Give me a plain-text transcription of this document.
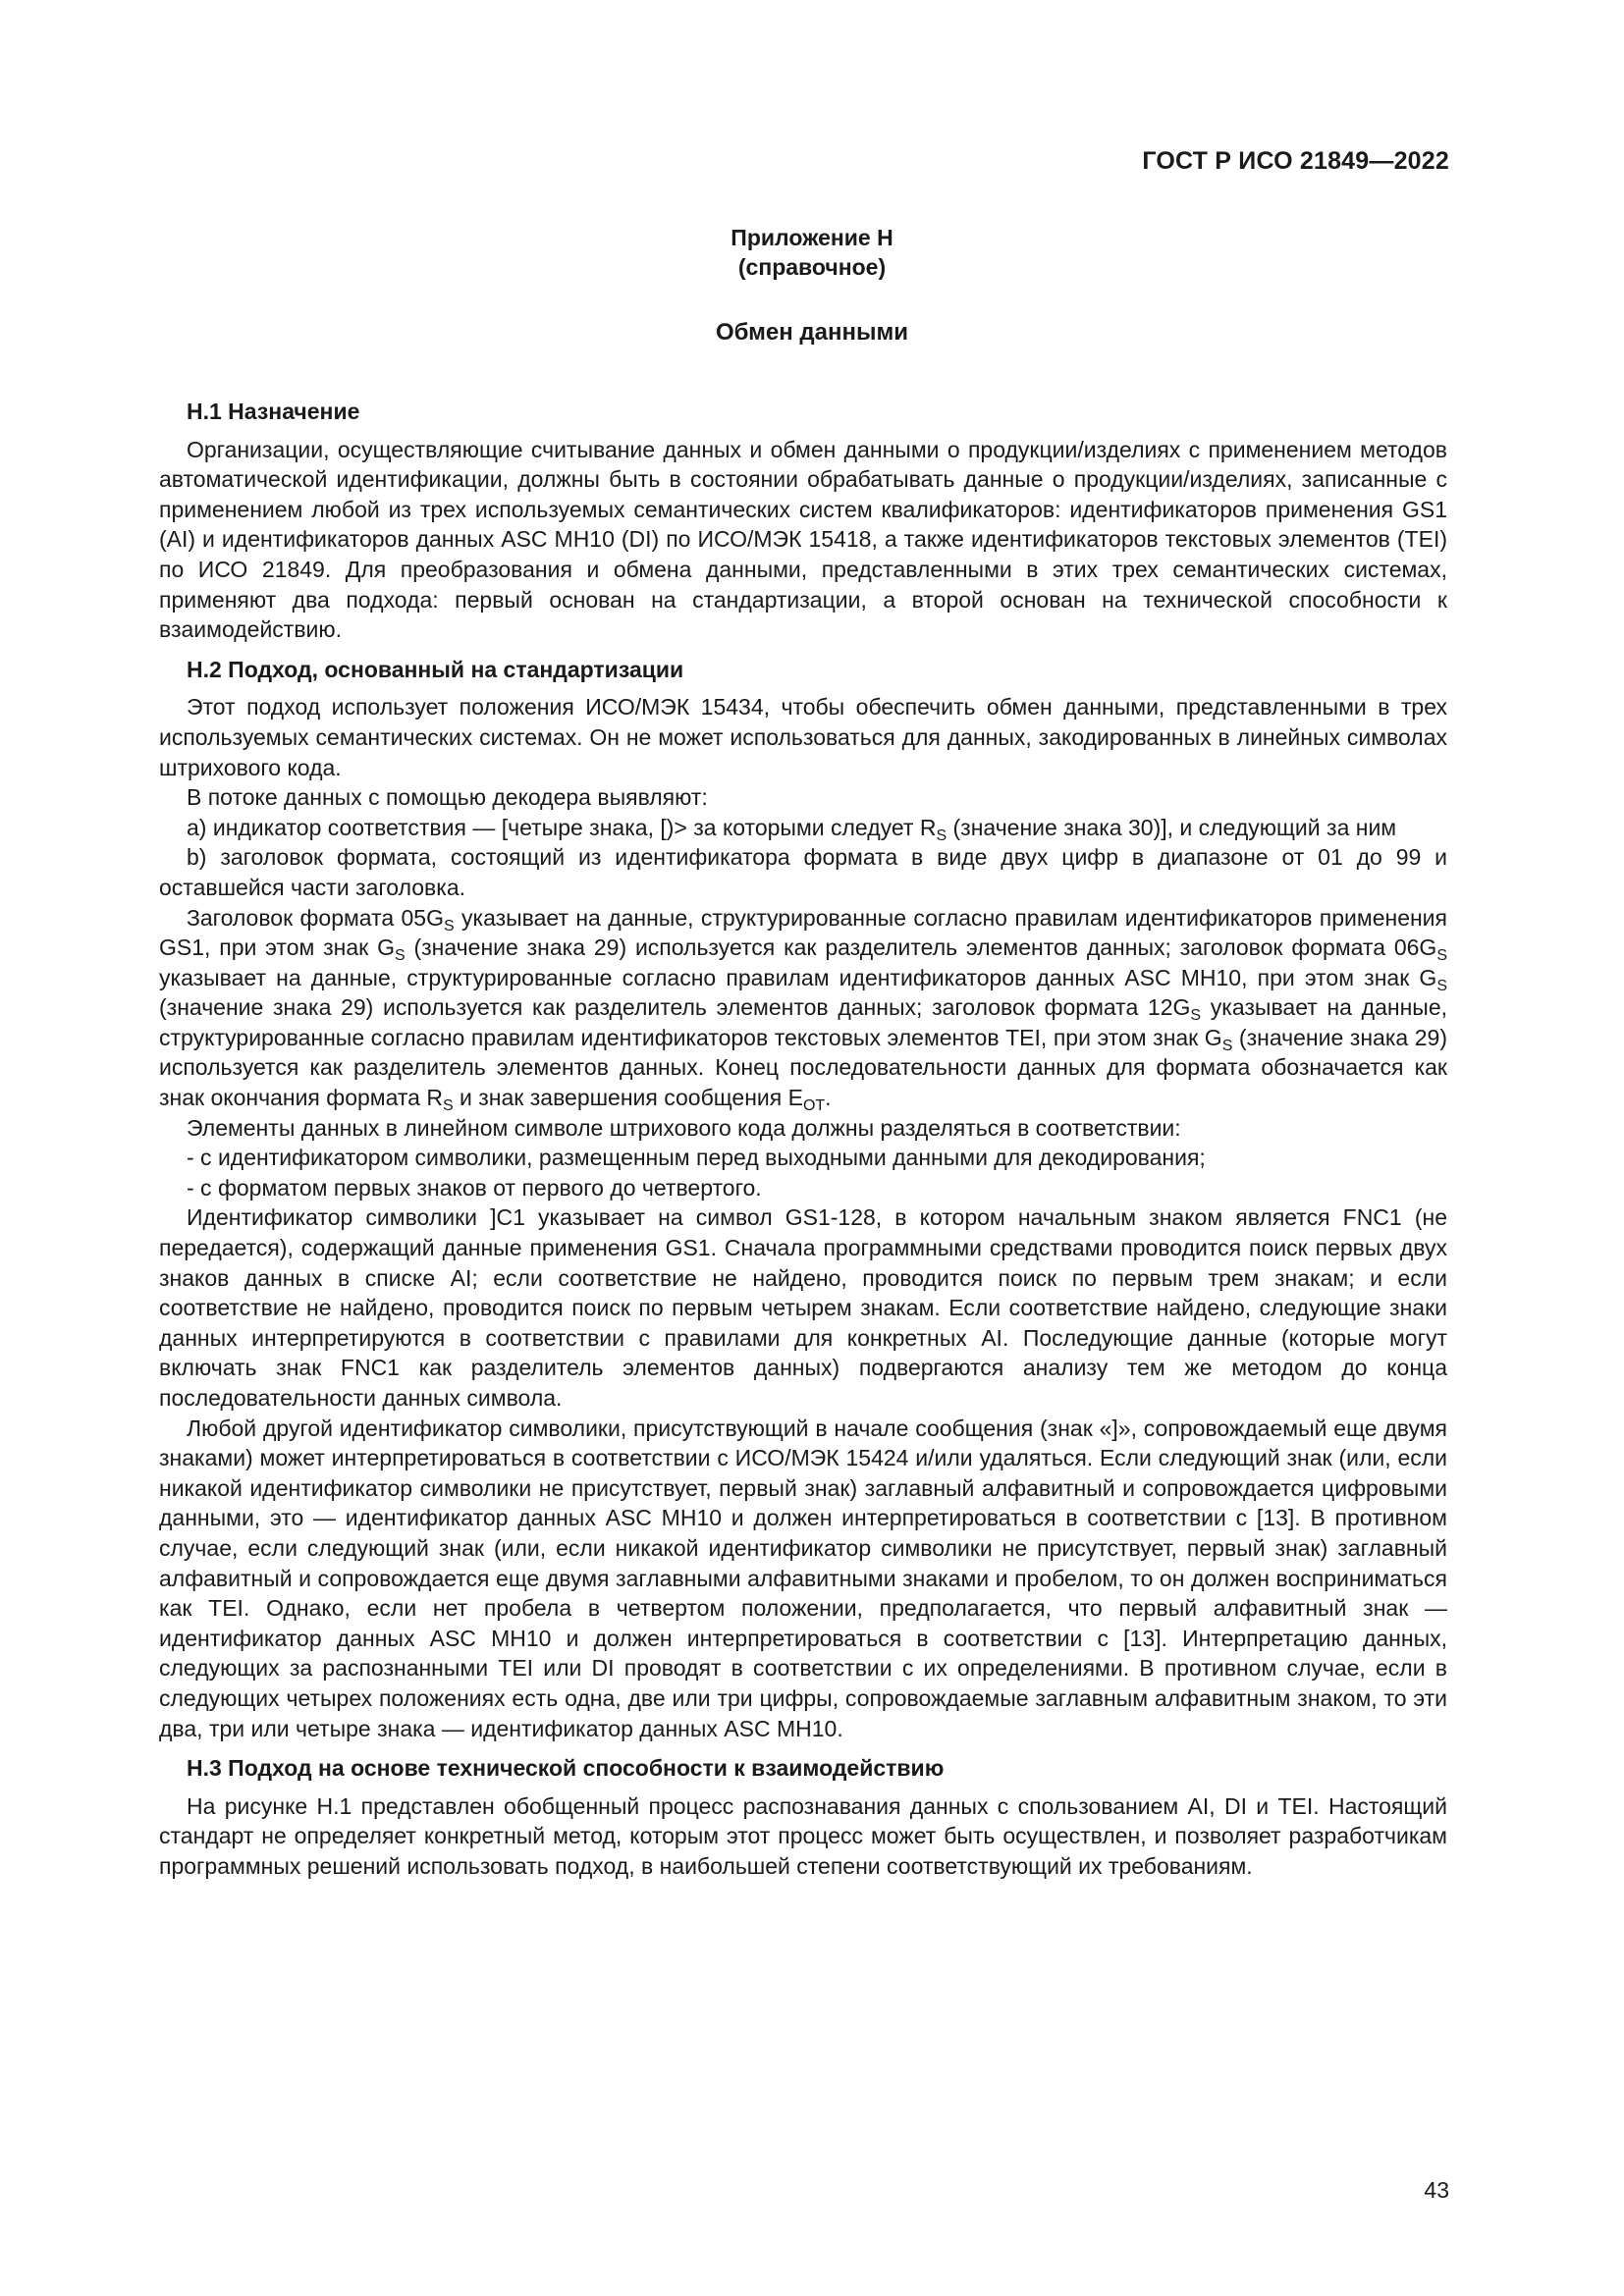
ГОСТ Р ИСО 21849—2022
Приложение Н
(справочное)
Обмен данными
Н.1 Назначение

Организации, осуществляющие считывание данных и обмен данными о продукции/изделиях с применением методов автоматической идентификации, должны быть в состоянии обрабатывать данные о продукции/изделиях, записанные с применением любой из трех используемых семантических систем квалификаторов: идентификаторов применения GS1 (AI) и идентификаторов данных ASC MH10 (DI) по ИСО/МЭК 15418, а также идентификаторов текстовых элементов (TEI) по ИСО 21849. Для преобразования и обмена данными, представленными в этих трех семантических системах, применяют два подхода: первый основан на стандартизации, а второй основан на технической способности к взаимодействию.

Н.2 Подход, основанный на стандартизации

Этот подход использует положения ИСО/МЭК 15434, чтобы обеспечить обмен данными, представленными в трех используемых семантических системах. Он не может использоваться для данных, закодированных в линейных символах штрихового кода.

В потоке данных с помощью декодера выявляют:

a) индикатор соответствия — [четыре знака, [)> за которыми следует $R_S$ (значение знака 30)], и следующий за ним

b) заголовок формата, состоящий из идентификатора формата в виде двух цифр в диапазоне от 01 до 99 и оставшейся части заголовка.

Заголовок формата $05G_S$ указывает на данные, структурированные согласно правилам идентификаторов применения GS1, при этом знак $G_S$ (значение знака 29) используется как разделитель элементов данных; заголовок формата $06G_S$ указывает на данные, структурированные согласно правилам идентификаторов данных ASC MH10, при этом знак $G_S$ (значение знака 29) используется как разделитель элементов данных; заголовок формата $12G_S$ указывает на данные, структурированные согласно правилам идентификаторов текстовых элементов TEI, при этом знак $G_S$ (значение знака 29) используется как разделитель элементов данных. Конец последовательности данных для формата обозначается как знак окончания формата $R_S$ и знак завершения сообщения $E_{OT}$.

Элементы данных в линейном символе штрихового кода должны разделяться в соответствии:

- с идентификатором символики, размещенным перед выходными данными для декодирования;

- с форматом первых знаков от первого до четвертого.

Идентификатор символики ]C1 указывает на символ GS1-128, в котором начальным знаком является FNC1 (не передается), содержащий данные применения GS1. Сначала программными средствами проводится поиск первых двух знаков данных в списке AI; если соответствие не найдено, проводится поиск по первым трем знакам; и если соответствие не найдено, проводится поиск по первым четырем знакам. Если соответствие найдено, следующие знаки данных интерпретируются в соответствии с правилами для конкретных AI. Последующие данные (которые могут включать знак FNC1 как разделитель элементов данных) подвергаются анализу тем же методом до конца последовательности данных символа.

Любой другой идентификатор символики, присутствующий в начале сообщения (знак «]», сопровождаемый еще двумя знаками) может интерпретироваться в соответствии с ИСО/МЭК 15424 и/или удаляться. Если следующий знак (или, если никакой идентификатор символики не присутствует, первый знак) заглавный алфавитный и сопровождается цифровыми данными, это — идентификатор данных ASC MH10 и должен интерпретироваться в соответствии с [13]. В противном случае, если следующий знак (или, если никакой идентификатор символики не присутствует, первый знак) заглавный алфавитный и сопровождается еще двумя заглавными алфавитными знаками и пробелом, то он должен восприниматься как TEI. Однако, если нет пробела в четвертом положении, предполагается, что первый алфавитный знак — идентификатор данных ASC MH10 и должен интерпретироваться в соответствии с [13]. Интерпретацию данных, следующих за распознанными TEI или DI проводят в соответствии с их определениями. В противном случае, если в следующих четырех положениях есть одна, две или три цифры, сопровождаемые заглавным алфавитным знаком, то эти два, три или четыре знака — идентификатор данных ASC MH10.

Н.3 Подход на основе технической способности к взаимодействию

На рисунке Н.1 представлен обобщенный процесс распознавания данных с спользованием AI, DI и TEI. Настоящий стандарт не определяет конкретный метод, которым этот процесс может быть осуществлен, и позволяет разработчикам программных решений использовать подход, в наибольшей степени соответствующий их требованиям.

43
